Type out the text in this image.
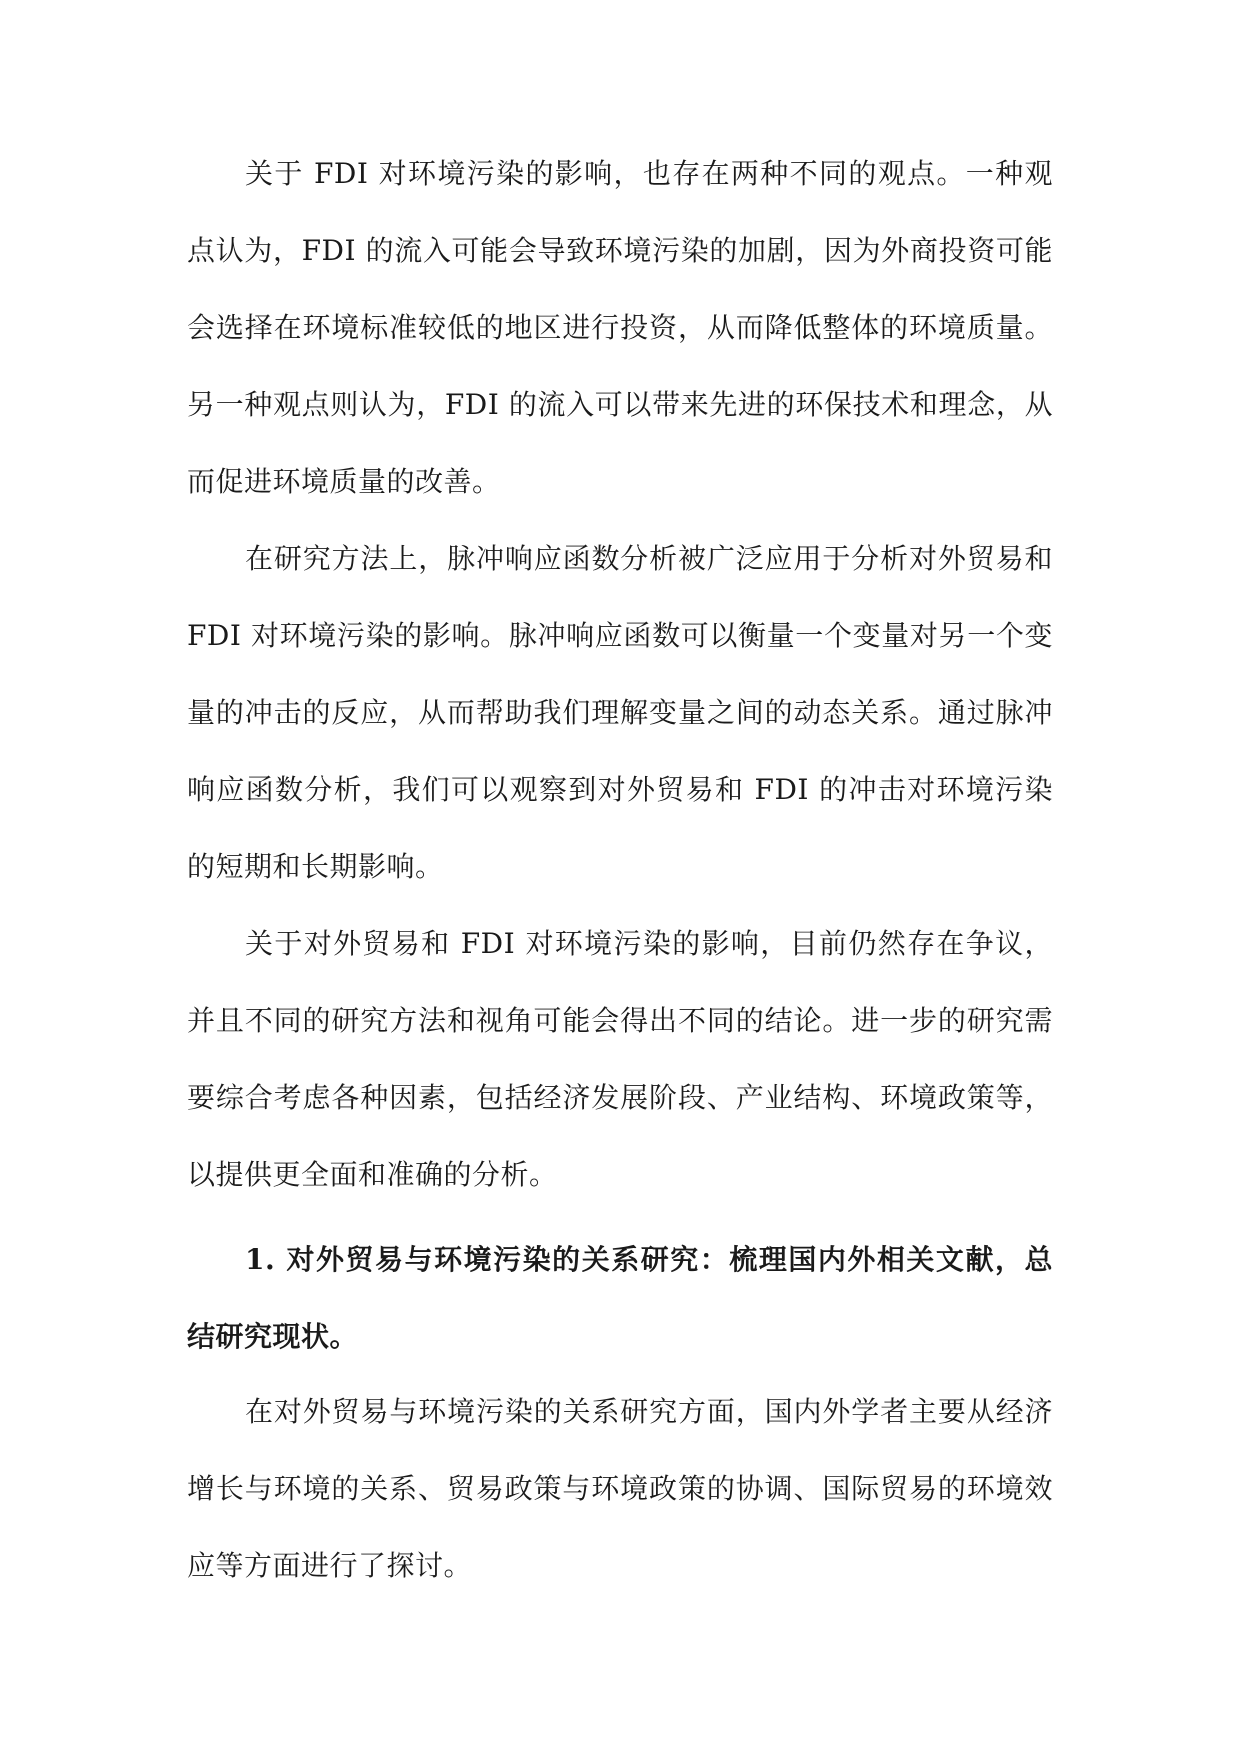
关于 FDI 对环境污染的影响，也存在两种不同的观点。一种观点认为，FDI 的流入可能会导致环境污染的加剧，因为外商投资可能会选择在环境标准较低的地区进行投资，从而降低整体的环境质量。另一种观点则认为，FDI 的流入可以带来先进的环保技术和理念，从而促进环境质量的改善。

在研究方法上，脉冲响应函数分析被广泛应用于分析对外贸易和 FDI 对环境污染的影响。脉冲响应函数可以衡量一个变量对另一个变量的冲击的反应，从而帮助我们理解变量之间的动态关系。通过脉冲响应函数分析，我们可以观察到对外贸易和 FDI 的冲击对环境污染的短期和长期影响。

关于对外贸易和 FDI 对环境污染的影响，目前仍然存在争议，并且不同的研究方法和视角可能会得出不同的结论。进一步的研究需要综合考虑各种因素，包括经济发展阶段、产业结构、环境政策等，以提供更全面和准确的分析。

1. 对外贸易与环境污染的关系研究：梳理国内外相关文献，总结研究现状。

在对外贸易与环境污染的关系研究方面，国内外学者主要从经济增长与环境的关系、贸易政策与环境政策的协调、国际贸易的环境效应等方面进行了探讨。
